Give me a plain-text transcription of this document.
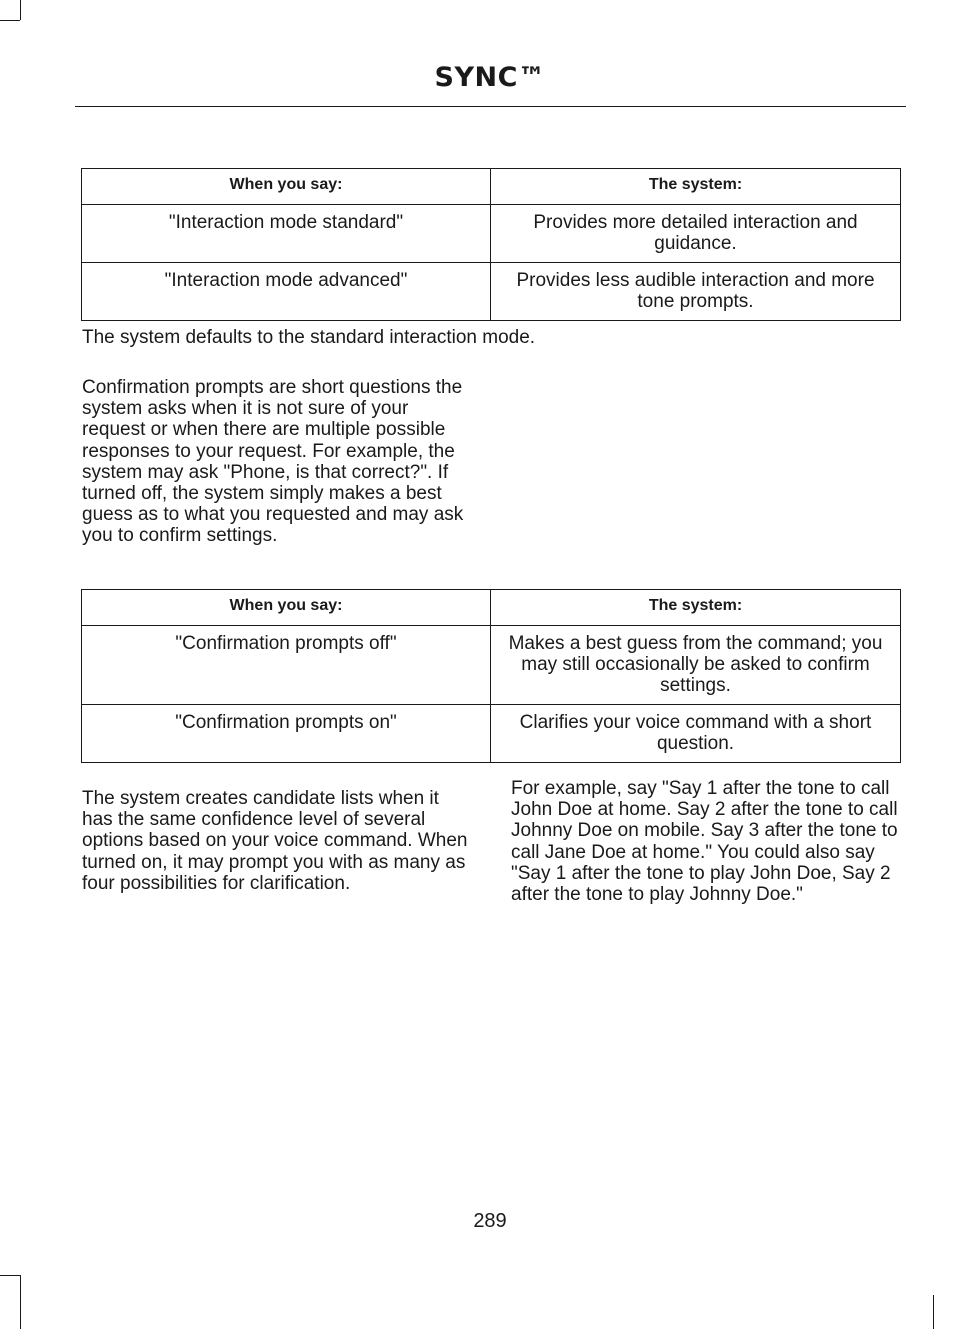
SYNC™
When you say:	The system:
"Interaction mode standard"	Provides more detailed interaction and guidance.
"Interaction mode advanced"	Provides less audible interaction and more tone prompts.

The system defaults to the standard interaction mode.

Confirmation prompts are short questions the system asks when it is not sure of your request or when there are multiple possible responses to your request. For example, the system may ask "Phone, is that correct?". If turned off, the system simply makes a best guess as to what you requested and may ask you to confirm settings.

When you say:	The system:
"Confirmation prompts off"	Makes a best guess from the command; you may still occasionally be asked to confirm settings.
"Confirmation prompts on"	Clarifies your voice command with a short question.

The system creates candidate lists when it has the same confidence level of several options based on your voice command. When turned on, it may prompt you with as many as four possibilities for clarification.

For example, say "Say 1 after the tone to call John Doe at home. Say 2 after the tone to call Johnny Doe on mobile. Say 3 after the tone to call Jane Doe at home." You could also say "Say 1 after the tone to play John Doe, Say 2 after the tone to play Johnny Doe."

289
